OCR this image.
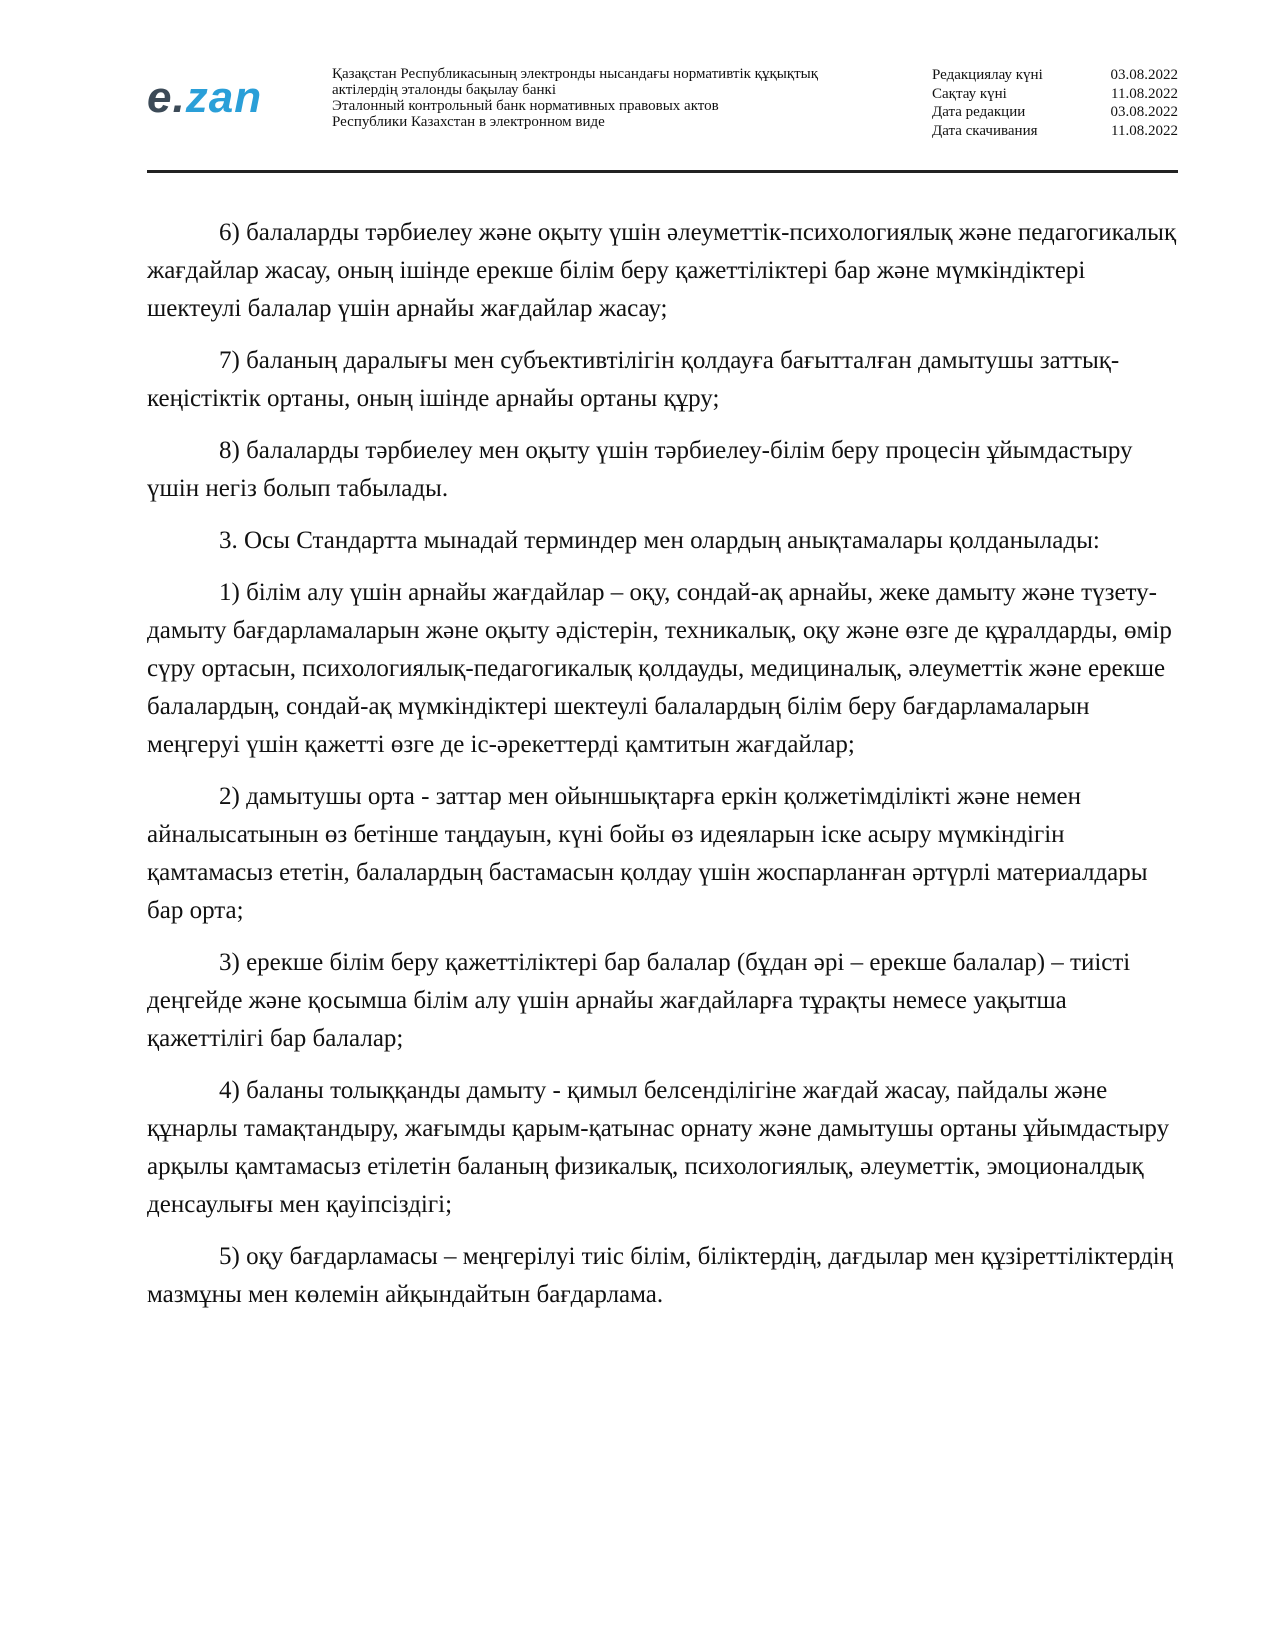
e.zan	Қазақстан Республикасының электронды нысандағы нормативтік құқықтық
актілердің эталонды бақылау банкі
Эталонный контрольный банк нормативных правовых актов
Республики Казахстан в электронном виде
Редакциялау күні	03.08.2022
Сақтау күні	11.08.2022
Дата редакции	03.08.2022
Дата скачивания	11.08.2022

6) балаларды тәрбиелеу және оқыту үшін әлеуметтік-психологиялық және педагогикалық жағдайлар жасау, оның ішінде ерекше білім беру қажеттіліктері бар және мүмкіндіктері шектеулі балалар үшін арнайы жағдайлар жасау;

7) баланың даралығы мен субъективтілігін қолдауға бағытталған дамытушы заттық-кеңістіктік ортаны, оның ішінде арнайы ортаны құру;

8) балаларды тәрбиелеу мен оқыту үшін тәрбиелеу-білім беру процесін ұйымдастыру үшін негіз болып табылады.

3. Осы Стандартта мынадай терминдер мен олардың анықтамалары қолданылады:

1) білім алу үшін арнайы жағдайлар – оқу, сондай-ақ арнайы, жеке дамыту және түзету-дамыту бағдарламаларын және оқыту әдістерін, техникалық, оқу және өзге де құралдарды, өмір сүру ортасын, психологиялық-педагогикалық қолдауды, медициналық, әлеуметтік және ерекше балалардың, сондай-ақ мүмкіндіктері шектеулі балалардың білім беру бағдарламаларын меңгеруі үшін қажетті өзге де іс-әрекеттерді қамтитын жағдайлар;

2) дамытушы орта - заттар мен ойыншықтарға еркін қолжетімділікті және немен айналысатынын өз бетінше таңдауын, күні бойы өз идеяларын іске асыру мүмкіндігін қамтамасыз ететін, балалардың бастамасын қолдау үшін жоспарланған әртүрлі материалдары бар орта;

3) ерекше білім беру қажеттіліктері бар балалар (бұдан әрі – ерекше балалар) – тиісті деңгейде және қосымша білім алу үшін арнайы жағдайларға тұрақты немесе уақытша қажеттілігі бар балалар;

4) баланы толыққанды дамыту - қимыл белсенділігіне жағдай жасау, пайдалы және құнарлы тамақтандыру, жағымды қарым-қатынас орнату және дамытушы ортаны ұйымдастыру арқылы қамтамасыз етілетін баланың физикалық, психологиялық, әлеуметтік, эмоционалдық денсаулығы мен қауіпсіздігі;

5) оқу бағдарламасы – меңгерілуі тиіс білім, біліктердің, дағдылар мен құзіреттіліктердің мазмұны мен көлемін айқындайтын бағдарлама.
